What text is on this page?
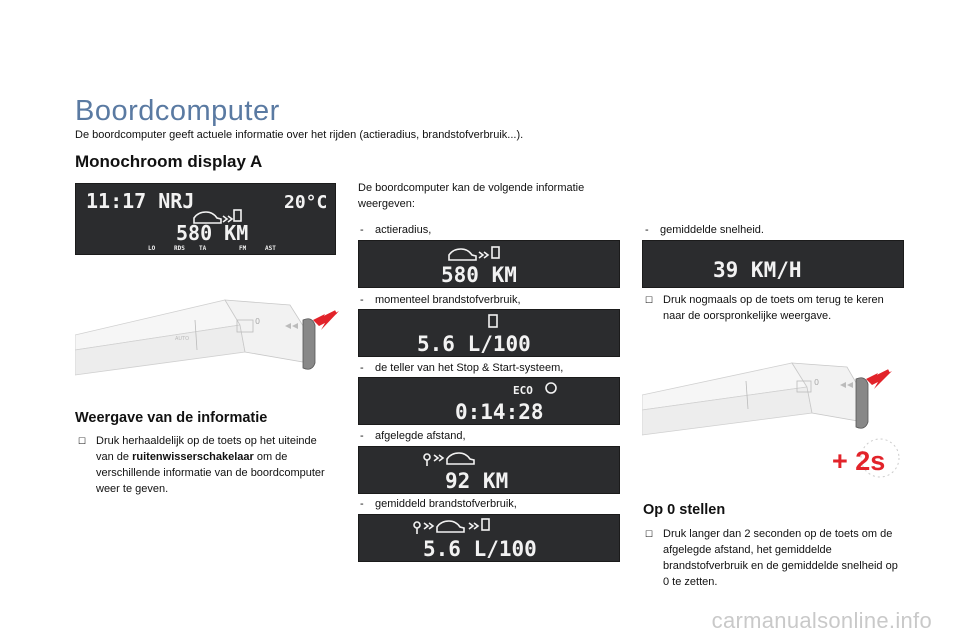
Boordcomputer
De boordcomputer geeft actuele informatie over het rijden (actieradius, brandstofverbruik...).
Monochroom display A
11:17 NRJ	20°C
580 KM
LO	RDS TA	FM	AST
0
AUTO
Weergave van de informatie
☐ Druk herhaaldelijk op de toets op het uiteinde van de ruitenwisserschakelaar om de verschillende informatie van de boordcomputer weer te geven.
De boordcomputer kan de volgende informatie weergeven:
- actieradius,
580 KM
- momenteel brandstofverbruik,
5.6 L/100
- de teller van het Stop & Start-systeem,
ECO
0:14:28
- afgelegde afstand,
92 KM
- gemiddeld brandstofverbruik,
5.6 L/100
- gemiddelde snelheid.
39 KM/H
☐ Druk nogmaals op de toets om terug te keren naar de oorspronkelijke weergave.
0
+ 2s
Op 0 stellen
☐ Druk langer dan 2 seconden op de toets om de afgelegde afstand, het gemiddelde brandstofverbruik en de gemiddelde snelheid op 0 te zetten.
carmanualsonline.info
